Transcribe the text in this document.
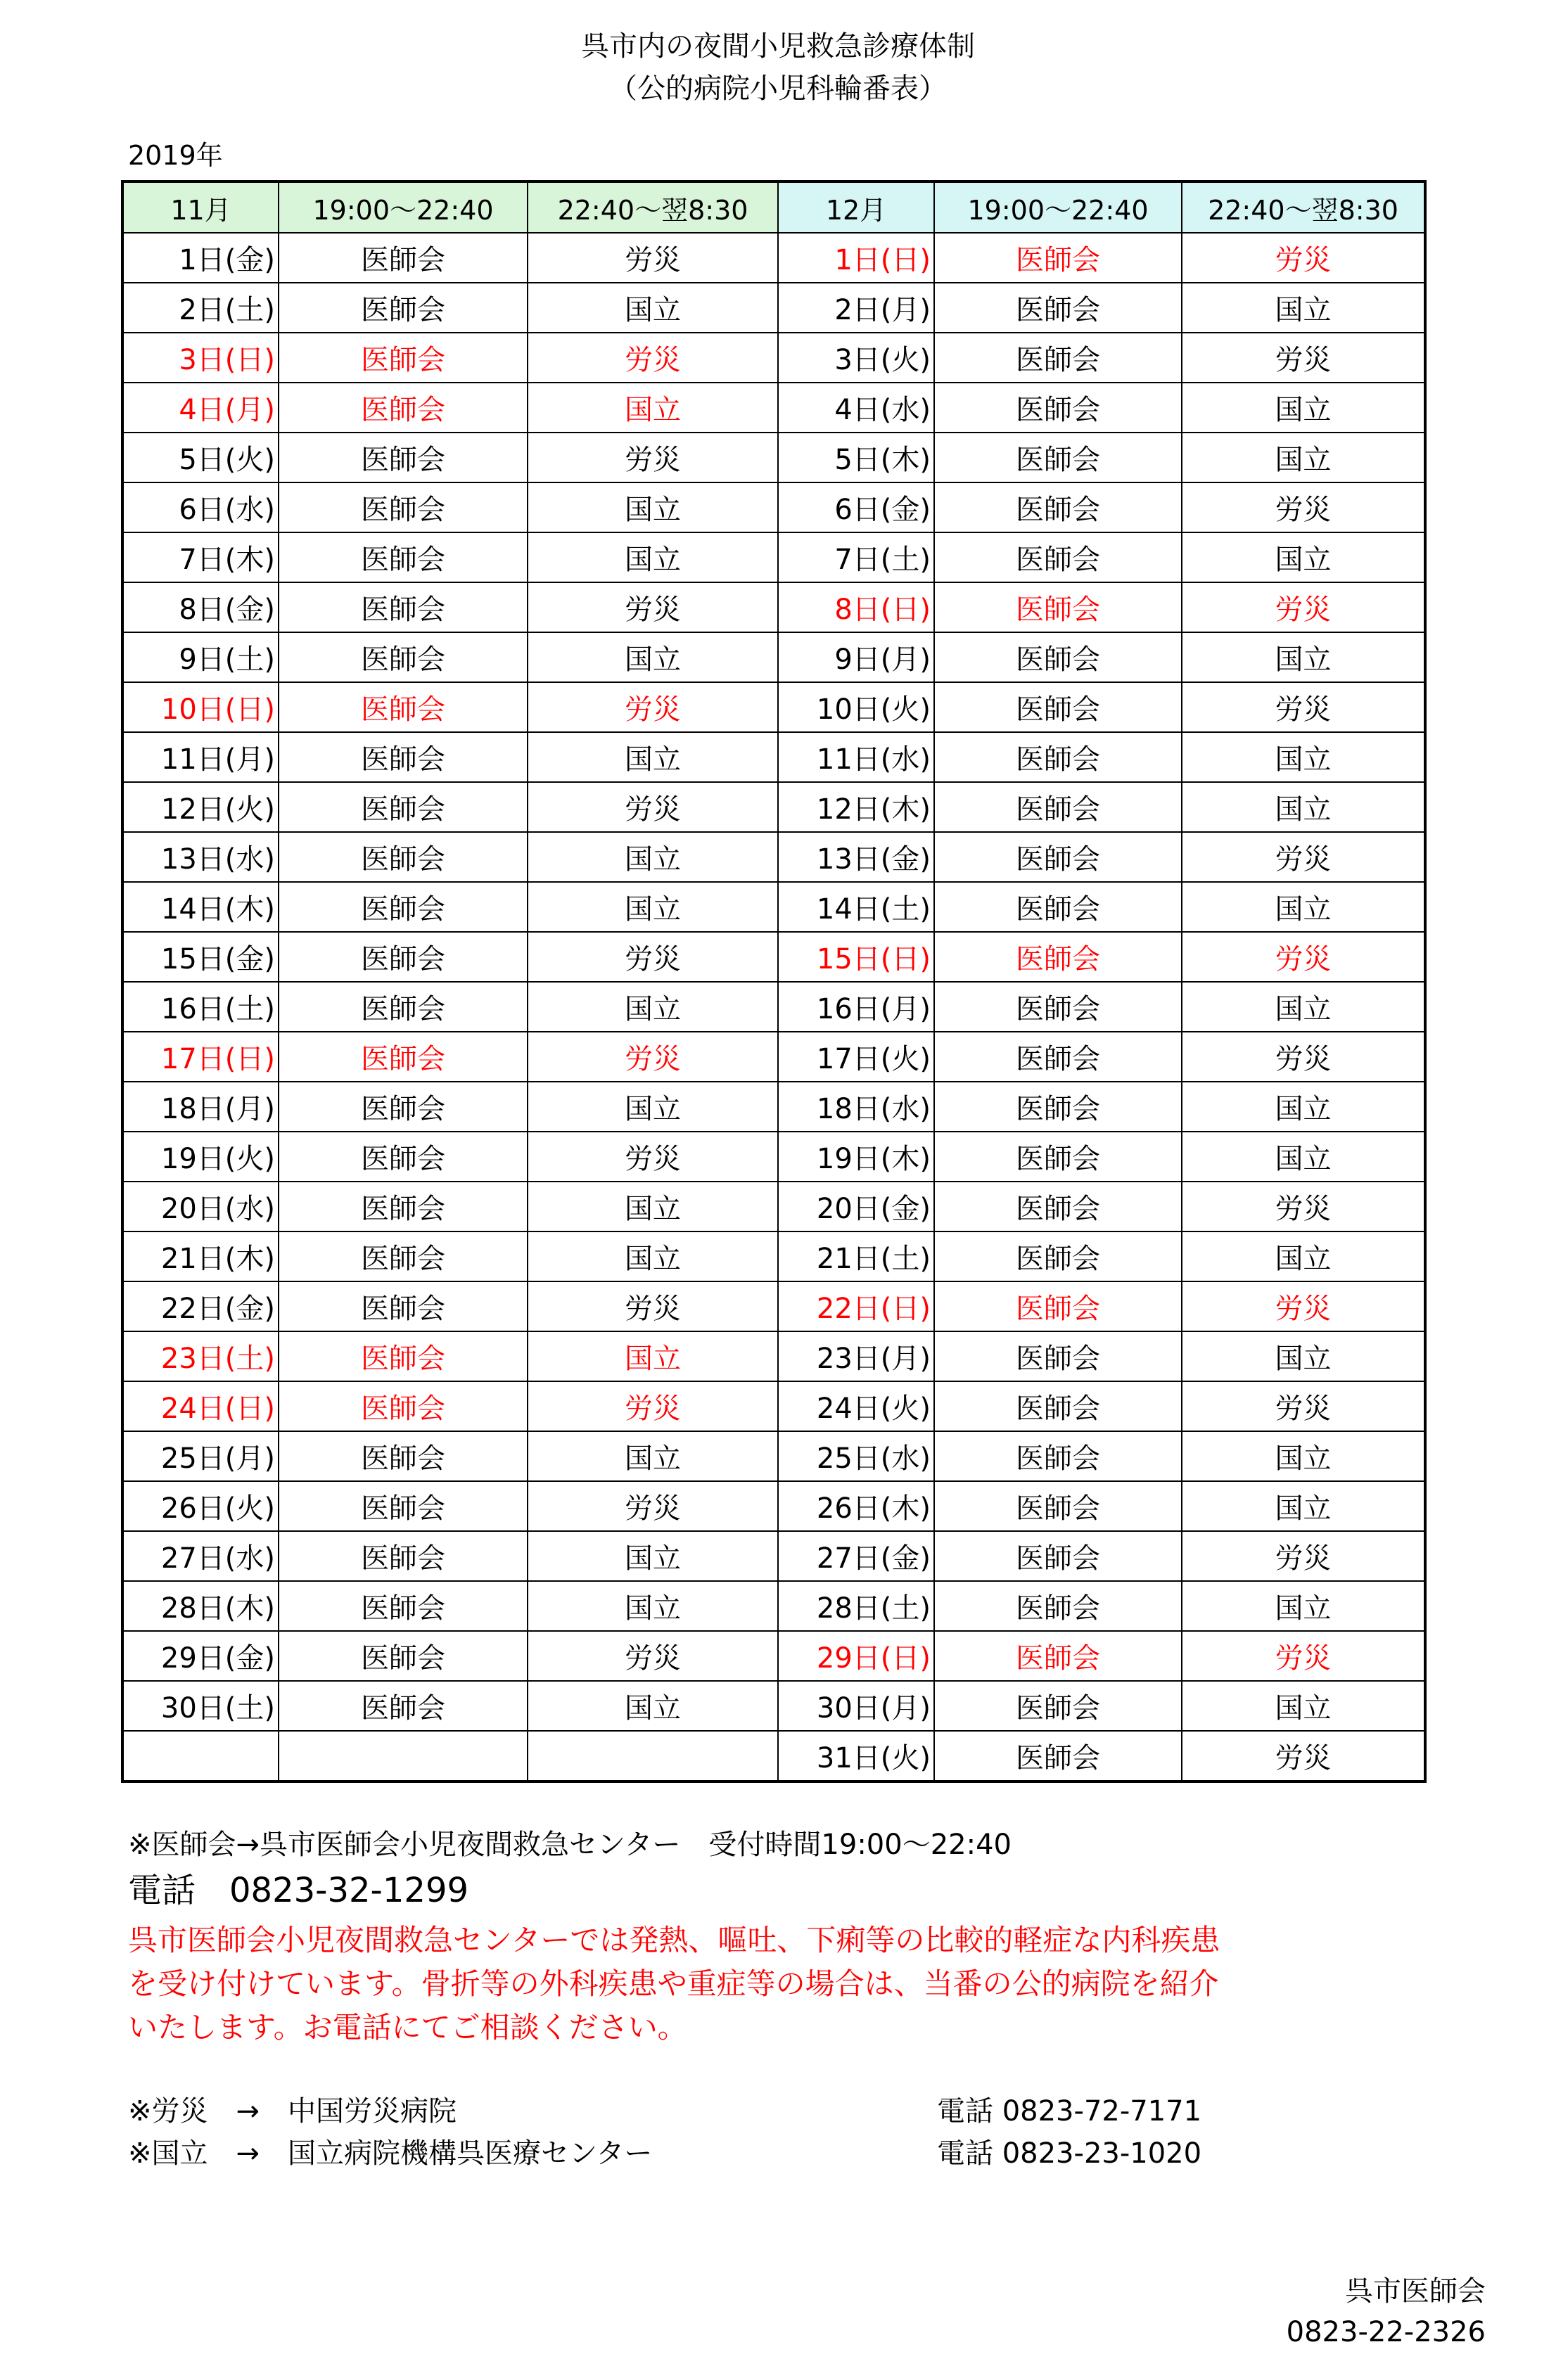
呉市内の夜間小児救急診療体制
（公的病院小児科輪番表）
2019年
11月	19:00～22:40	22:40～翌8:30	12月	19:00～22:40	22:40～翌8:30
1日(金)	医師会	労災	1日(日)	医師会	労災
2日(土)	医師会	国立	2日(月)	医師会	国立
3日(日)	医師会	労災	3日(火)	医師会	労災
4日(月)	医師会	国立	4日(水)	医師会	国立
5日(火)	医師会	労災	5日(木)	医師会	国立
6日(水)	医師会	国立	6日(金)	医師会	労災
7日(木)	医師会	国立	7日(土)	医師会	国立
8日(金)	医師会	労災	8日(日)	医師会	労災
9日(土)	医師会	国立	9日(月)	医師会	国立
10日(日)	医師会	労災	10日(火)	医師会	労災
11日(月)	医師会	国立	11日(水)	医師会	国立
12日(火)	医師会	労災	12日(木)	医師会	国立
13日(水)	医師会	国立	13日(金)	医師会	労災
14日(木)	医師会	国立	14日(土)	医師会	国立
15日(金)	医師会	労災	15日(日)	医師会	労災
16日(土)	医師会	国立	16日(月)	医師会	国立
17日(日)	医師会	労災	17日(火)	医師会	労災
18日(月)	医師会	国立	18日(水)	医師会	国立
19日(火)	医師会	労災	19日(木)	医師会	国立
20日(水)	医師会	国立	20日(金)	医師会	労災
21日(木)	医師会	国立	21日(土)	医師会	国立
22日(金)	医師会	労災	22日(日)	医師会	労災
23日(土)	医師会	国立	23日(月)	医師会	国立
24日(日)	医師会	労災	24日(火)	医師会	労災
25日(月)	医師会	国立	25日(水)	医師会	国立
26日(火)	医師会	労災	26日(木)	医師会	国立
27日(水)	医師会	国立	27日(金)	医師会	労災
28日(木)	医師会	国立	28日(土)	医師会	国立
29日(金)	医師会	労災	29日(日)	医師会	労災
30日(土)	医師会	国立	30日(月)	医師会	国立
			31日(火)	医師会	労災
※医師会→呉市医師会小児夜間救急センター　受付時間19:00～22:40
電話　0823-32-1299
呉市医師会小児夜間救急センターでは発熱、嘔吐、下痢等の比較的軽症な内科疾患
を受け付けています。骨折等の外科疾患や重症等の場合は、当番の公的病院を紹介
いたします。お電話にてご相談ください。
※労災　→　中国労災病院	電話 0823-72-7171
※国立　→　国立病院機構呉医療センター	電話 0823-23-1020
呉市医師会
0823-22-2326
